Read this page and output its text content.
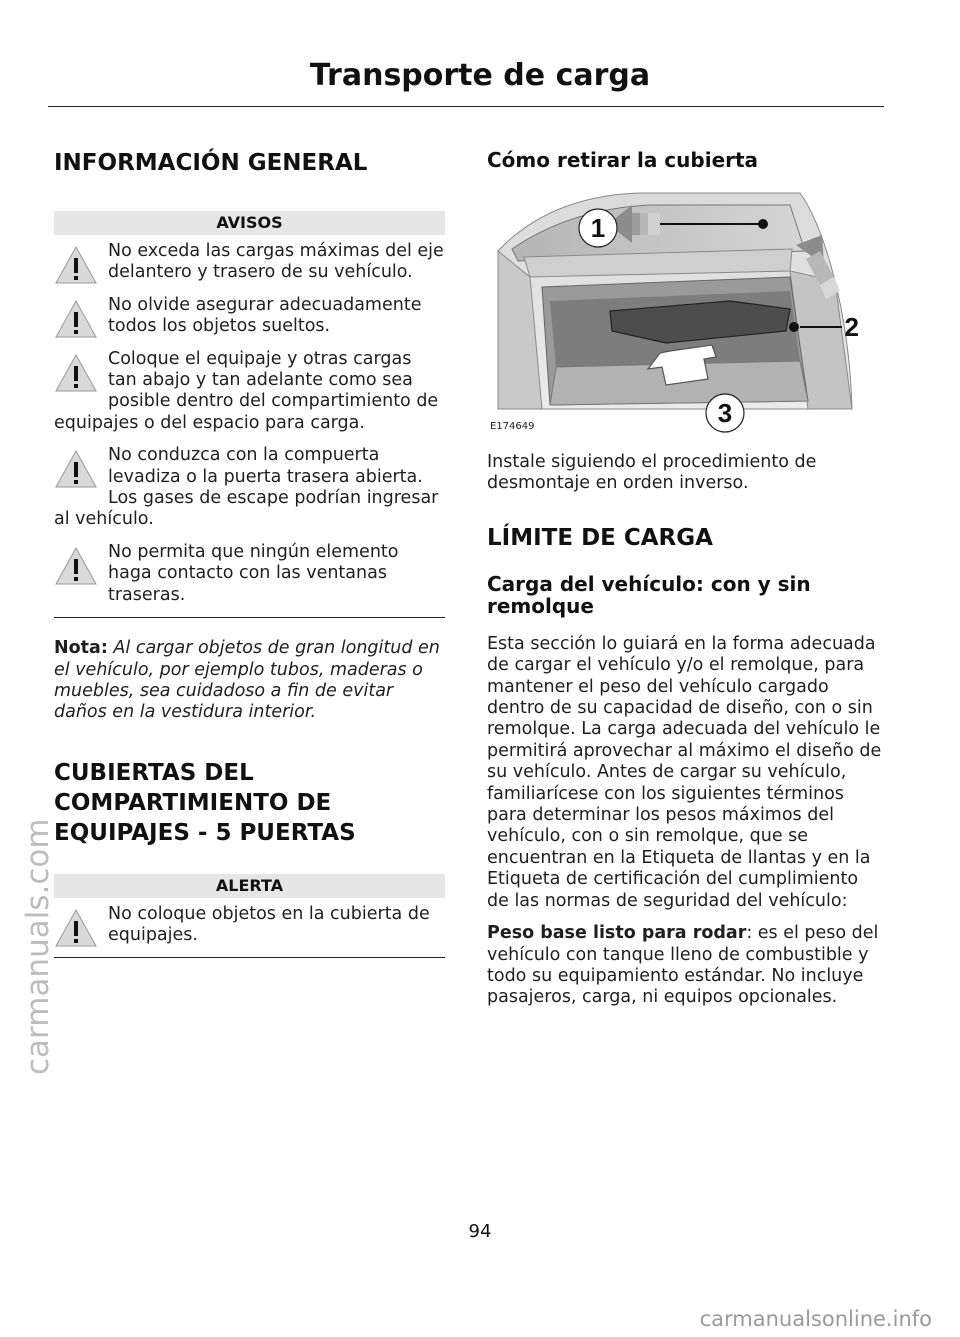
Transporte de carga
INFORMACIÓN GENERAL
AVISOS
No exceda las cargas máximas del eje delantero y trasero de su vehículo.
No olvide asegurar adecuadamente todos los objetos sueltos.
Coloque el equipaje y otras cargas tan abajo y tan adelante como sea posible dentro del compartimiento de equipajes o del espacio para carga.
No conduzca con la compuerta levadiza o la puerta trasera abierta. Los gases de escape podrían ingresar al vehículo.
No permita que ningún elemento haga contacto con las ventanas traseras.
Nota: Al cargar objetos de gran longitud en el vehículo, por ejemplo tubos, maderas o muebles, sea cuidadoso a fin de evitar daños en la vestidura interior.
CUBIERTAS DEL
COMPARTIMIENTO DE
EQUIPAJES - 5 PUERTAS
ALERTA
No coloque objetos en la cubierta de equipajes.
Cómo retirar la cubierta
1
2
3
E174649
Instale siguiendo el procedimiento de desmontaje en orden inverso.
LÍMITE DE CARGA
Carga del vehículo: con y sin
remolque
Esta sección lo guiará en la forma adecuada de cargar el vehículo y/o el remolque, para mantener el peso del vehículo cargado dentro de su capacidad de diseño, con o sin remolque. La carga adecuada del vehículo le permitirá aprovechar al máximo el diseño de su vehículo. Antes de cargar su vehículo, familiarícese con los siguientes términos para determinar los pesos máximos del vehículo, con o sin remolque, que se encuentran en la Etiqueta de llantas y en la Etiqueta de certificación del cumplimiento de las normas de seguridad del vehículo:
Peso base listo para rodar: es el peso del vehículo con tanque lleno de combustible y todo su equipamiento estándar. No incluye pasajeros, carga, ni equipos opcionales.
94
carmanuals.com
carmanualsonline.info
